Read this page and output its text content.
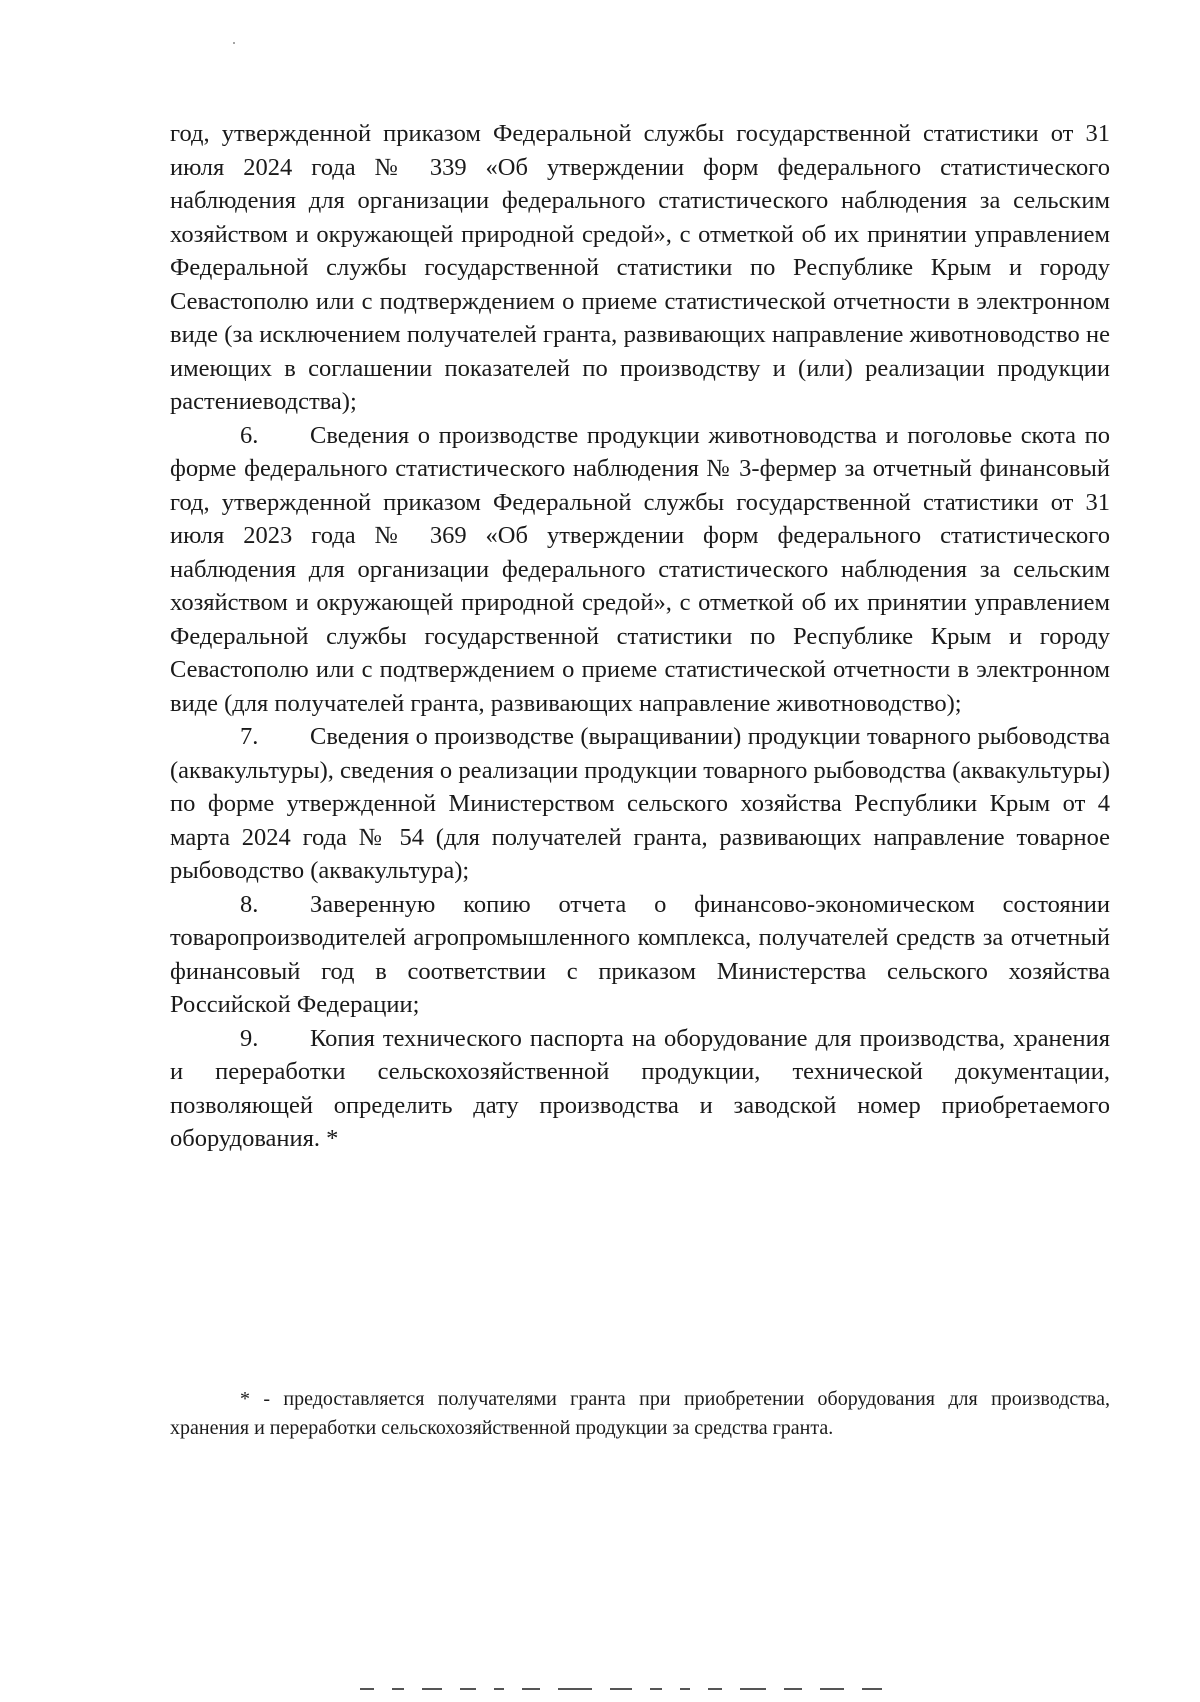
год, утвержденной приказом Федеральной службы государственной статистики от 31 июля 2024 года № 339 «Об утверждении форм федерального статистического наблюдения для организации федерального статистического наблюдения за сельским хозяйством и окружающей природной средой», с отметкой об их принятии управлением Федеральной службы государственной статистики по Республике Крым и городу Севастополю или с подтверждением о приеме статистической отчетности в электронном виде (за исключением получателей гранта, развивающих направление животноводство не имеющих в соглашении показателей по производству и (или) реализации продукции растениеводства);

6. Сведения о производстве продукции животноводства и поголовье скота по форме федерального статистического наблюдения № 3-фермер за отчетный финансовый год, утвержденной приказом Федеральной службы государственной статистики от 31 июля 2023 года № 369 «Об утверждении форм федерального статистического наблюдения для организации федерального статистического наблюдения за сельским хозяйством и окружающей природной средой», с отметкой об их принятии управлением Федеральной службы государственной статистики по Республике Крым и городу Севастополю или с подтверждением о приеме статистической отчетности в электронном виде (для получателей гранта, развивающих направление животноводство);

7. Сведения о производстве (выращивании) продукции товарного рыбоводства (аквакультуры), сведения о реализации продукции товарного рыбоводства (аквакультуры) по форме утвержденной Министерством сельского хозяйства Республики Крым от 4 марта 2024 года № 54 (для получателей гранта, развивающих направление товарное рыбоводство (аквакультура);

8. Заверенную копию отчета о финансово-экономическом состоянии товаропроизводителей агропромышленного комплекса, получателей средств за отчетный финансовый год в соответствии с приказом Министерства сельского хозяйства Российской Федерации;

9. Копия технического паспорта на оборудование для производства, хранения и переработки сельскохозяйственной продукции, технической документации, позволяющей определить дату производства и заводской номер приобретаемого оборудования. *

* - предоставляется получателями гранта при приобретении оборудования для производства, хранения и переработки сельскохозяйственной продукции за средства гранта.
